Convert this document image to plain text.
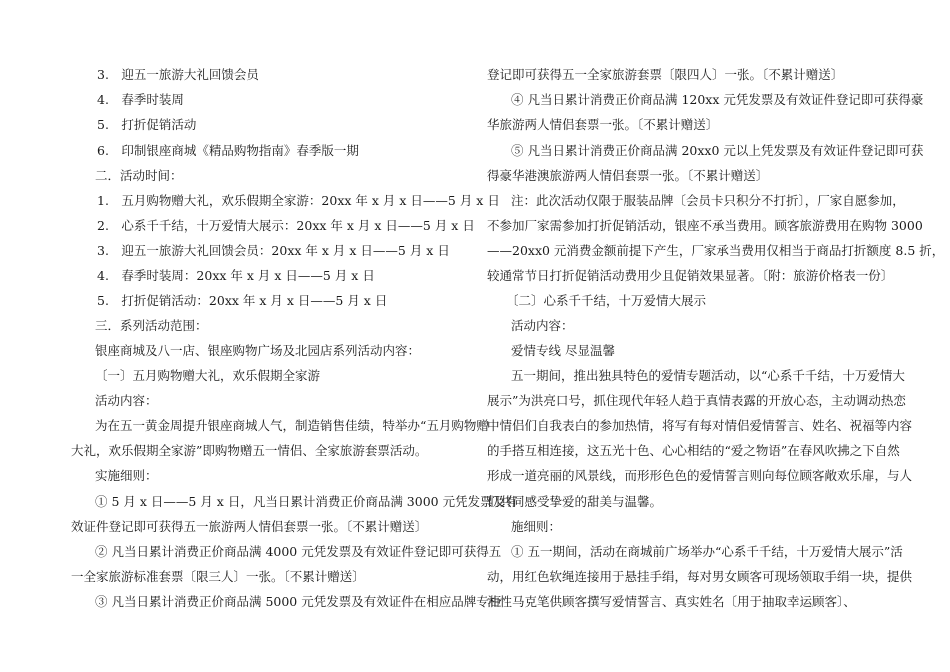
3.　迎五一旅游大礼回馈会员
4.　春季时装周
5.　打折促销活动
6.　印制银座商城《精品购物指南》春季版一期
二．活动时间：
1.　五月购物赠大礼，欢乐假期全家游：20xx 年 x 月 x 日——5 月 x 日
2.　心系千千结，十万爱情大展示：20xx 年 x 月 x 日——5 月 x 日
3.　迎五一旅游大礼回馈会员：20xx 年 x 月 x 日——5 月 x 日
4.　春季时装周：20xx 年 x 月 x 日——5 月 x 日
5.　打折促销活动：20xx 年 x 月 x 日——5 月 x 日
三．系列活动范围：
银座商城及八一店、银座购物广场及北园店系列活动内容：
〔一〕五月购物赠大礼，欢乐假期全家游
活动内容：
为在五一黄金周提升银座商城人气，制造销售佳绩，特举办“五月购物赠
大礼，欢乐假期全家游”即购物赠五一情侣、全家旅游套票活动。
实施细则：
① 5 月 x 日——5 月 x 日，凡当日累计消费正价商品满 3000 元凭发票及有
效证件登记即可获得五一旅游两人情侣套票一张。〔不累计赠送〕
② 凡当日累计消费正价商品满 4000 元凭发票及有效证件登记即可获得五
一全家旅游标准套票〔限三人〕一张。〔不累计赠送〕
③ 凡当日累计消费正价商品满 5000 元凭发票及有效证件在相应品牌专柜
登记即可获得五一全家旅游套票〔限四人〕一张。〔不累计赠送〕
④ 凡当日累计消费正价商品满 120xx 元凭发票及有效证件登记即可获得豪
华旅游两人情侣套票一张。〔不累计赠送〕
⑤ 凡当日累计消费正价商品满 20xx0 元以上凭发票及有效证件登记即可获
得豪华港澳旅游两人情侣套票一张。〔不累计赠送〕
注：此次活动仅限于服装品牌〔会员卡只积分不打折〕，厂家自愿参加，
不参加厂家需参加打折促销活动，银座不承当费用。顾客旅游费用在购物 3000
——20xx0 元消费金额前提下产生，厂家承当费用仅相当于商品打折额度 8.5 折，
较通常节日打折促销活动费用少且促销效果显著。〔附：旅游价格表一份〕
〔二〕心系千千结，十万爱情大展示
活动内容：
爱情专线 尽显温馨
五一期间，推出独具特色的爱情专题活动，以“心系千千结，十万爱情大
展示”为洪亮口号，抓住现代年轻人趋于真情表露的开放心态，主动调动热恋
中情侣们自我表白的参加热情，将写有每对情侣爱情誓言、姓名、祝福等内容
的手搭互相连接，这五光十色、心心相结的“爱之物语”在春风吹拂之下自然
形成一道亮丽的风景线，而形形色色的爱情誓言则向每位顾客敞欢乐扉，与人
们共同感受挚爱的甜美与温馨。
施细则：
① 五一期间，活动在商城前广场举办“心系千千结，十万爱情大展示”活
动，用红色软绳连接用于悬挂手绢，每对男女顾客可现场领取手绢一块，提供
油性马克笔供顾客撰写爱情誓言、真实姓名〔用于抽取幸运顾客〕、
